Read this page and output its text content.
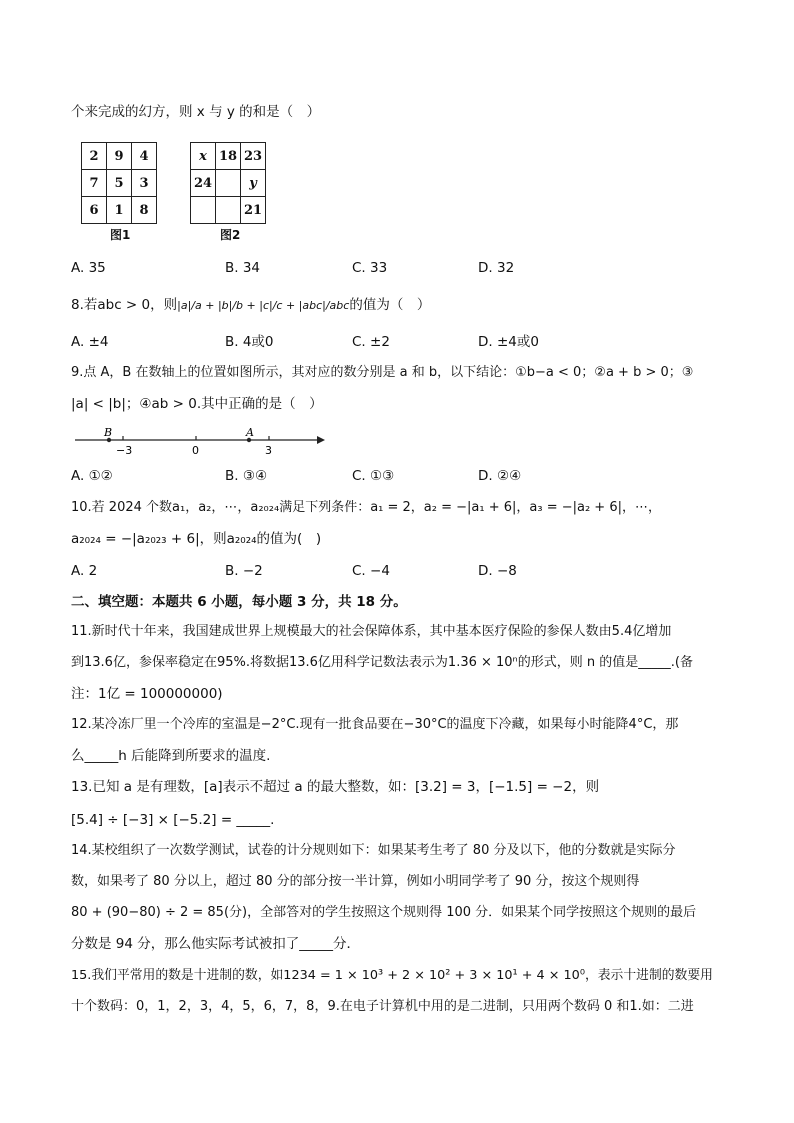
个来完成的幻方，则 x 与 y 的和是（　）
2	9	4
7	5	3
6	1	8
图1
x	18	23
24		y
		21
图2
A. 35	B. 34	C. 33	D. 32
8.若abc > 0，则|a|/a + |b|/b + |c|/c + |abc|/abc的值为（　）
A. ±4	B. 4或0	C. ±2	D. ±4或0
9.点 A，B 在数轴上的位置如图所示，其对应的数分别是 a 和 b，以下结论：①b−a < 0；②a + b > 0；③
|a| < |b|；④ab > 0.其中正确的是（　）
B	A
−3	0	3
A. ①②	B. ③④	C. ①③	D. ②④
10.若 2024 个数a₁，a₂，⋯，a₂₀₂₄满足下列条件：a₁ = 2，a₂ = −|a₁ + 6|，a₃ = −|a₂ + 6|，⋯，
a₂₀₂₄ = −|a₂₀₂₃ + 6|，则a₂₀₂₄的值为(　)
A. 2	B. −2	C. −4	D. −8
二、填空题：本题共 6 小题，每小题 3 分，共 18 分。
11.新时代十年来，我国建成世界上规模最大的社会保障体系，其中基本医疗保险的参保人数由5.4亿增加
到13.6亿，参保率稳定在95%.将数据13.6亿用科学记数法表示为1.36 × 10ⁿ的形式，则 n 的值是_____.(备
注：1亿 = 100000000)
12.某冷冻厂里一个冷库的室温是−2°C.现有一批食品要在−30°C的温度下冷藏，如果每小时能降4°C，那
么_____h 后能降到所要求的温度.
13.已知 a 是有理数，[a]表示不超过 a 的最大整数，如：[3.2] = 3，[−1.5] = −2，则
[5.4] ÷ [−3] × [−5.2] = _____.
14.某校组织了一次数学测试，试卷的计分规则如下：如果某考生考了 80 分及以下，他的分数就是实际分
数，如果考了 80 分以上，超过 80 分的部分按一半计算，例如小明同学考了 90 分，按这个规则得
80 + (90−80) ÷ 2 = 85(分)，全部答对的学生按照这个规则得 100 分．如果某个同学按照这个规则的最后
分数是 94 分，那么他实际考试被扣了_____分．
15.我们平常用的数是十进制的数，如1234 = 1 × 10³ + 2 × 10² + 3 × 10¹ + 4 × 10⁰，表示十进制的数要用
十个数码：0，1，2，3，4，5，6，7，8，9.在电子计算机中用的是二进制，只用两个数码 0 和1.如：二进
